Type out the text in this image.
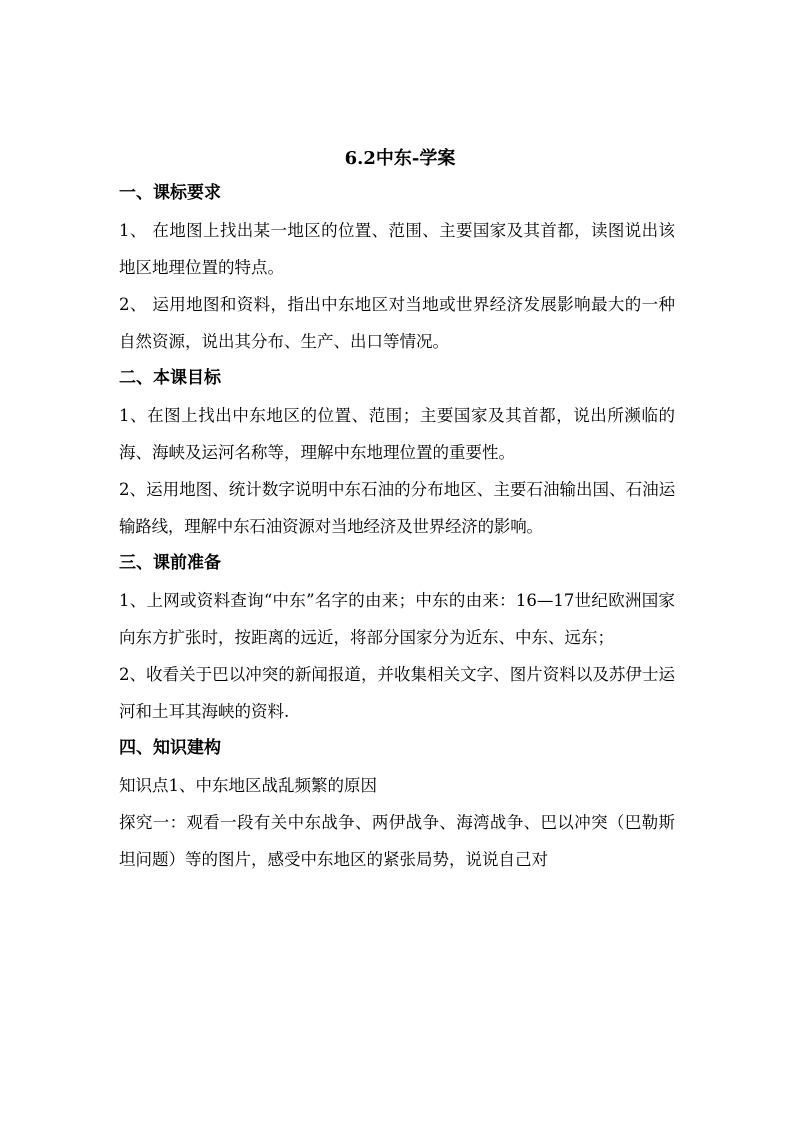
6.2中东-学案
一、课标要求

1、 在地图上找出某一地区的位置、范围、主要国家及其首都，读图说出该地区地理位置的特点。

2、 运用地图和资料，指出中东地区对当地或世界经济发展影响最大的一种自然资源，说出其分布、生产、出口等情况。

二、本课目标

1、在图上找出中东地区的位置、范围；主要国家及其首都，说出所濒临的海、海峡及运河名称等，理解中东地理位置的重要性。

2、运用地图、统计数字说明中东石油的分布地区、主要石油输出国、石油运输路线，理解中东石油资源对当地经济及世界经济的影响。

三、课前准备

1、上网或资料查询“中东”名字的由来；中东的由来：16—17世纪欧洲国家向东方扩张时，按距离的远近，将部分国家分为近东、中东、远东；

2、收看关于巴以冲突的新闻报道，并收集相关文字、图片资料以及苏伊士运河和土耳其海峡的资料.

四、知识建构

知识点1、中东地区战乱频繁的原因

探究一：观看一段有关中东战争、两伊战争、海湾战争、巴以冲突（巴勒斯坦问题）等的图片，感受中东地区的紧张局势，说说自己对
